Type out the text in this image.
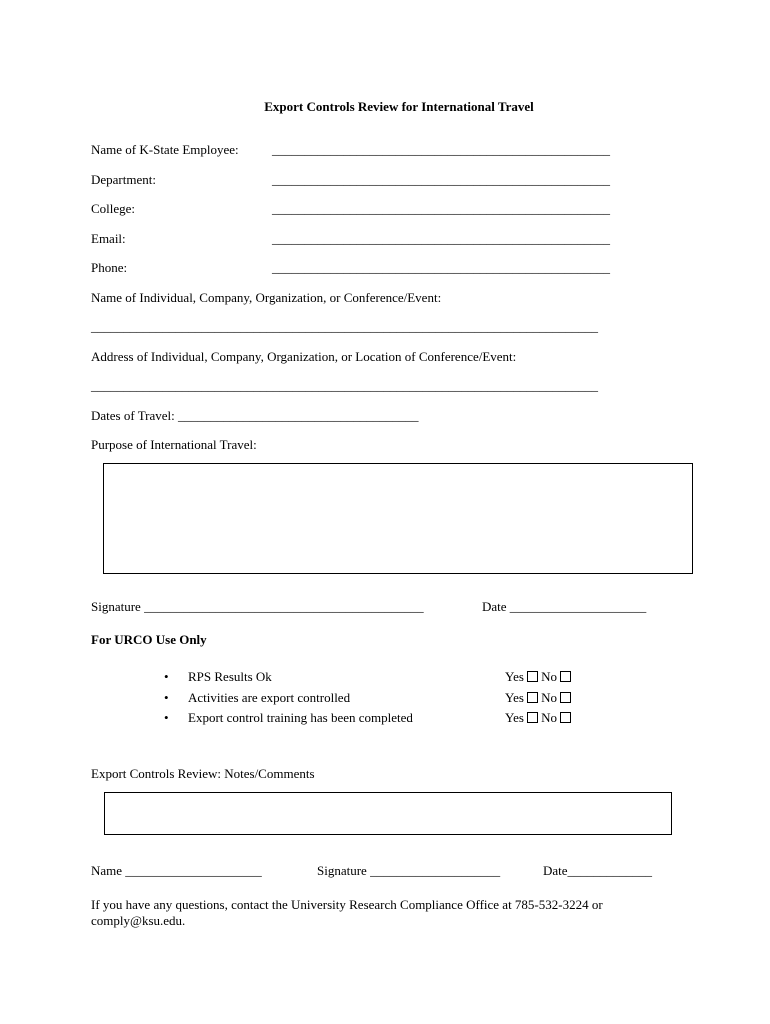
Export Controls Review for International Travel
Name of K-State Employee:	____________________________________________________
Department:	____________________________________________________
College:	____________________________________________________
Email:	____________________________________________________
Phone:	____________________________________________________
Name of Individual, Company, Organization, or Conference/Event:
______________________________________________________________________________
Address of Individual, Company, Organization, or Location of Conference/Event:
______________________________________________________________________________
Dates of Travel: _____________________________________
Purpose of International Travel:
Signature ___________________________________________	Date _____________________
For URCO Use Only
• RPS Results Ok	Yes No
• Activities are export controlled	Yes No
• Export control training has been completed	Yes No
Export Controls Review: Notes/Comments
Name _____________________	Signature ____________________	Date_____________
If you have any questions, contact the University Research Compliance Office at 785-532-3224 or
comply@ksu.edu.
